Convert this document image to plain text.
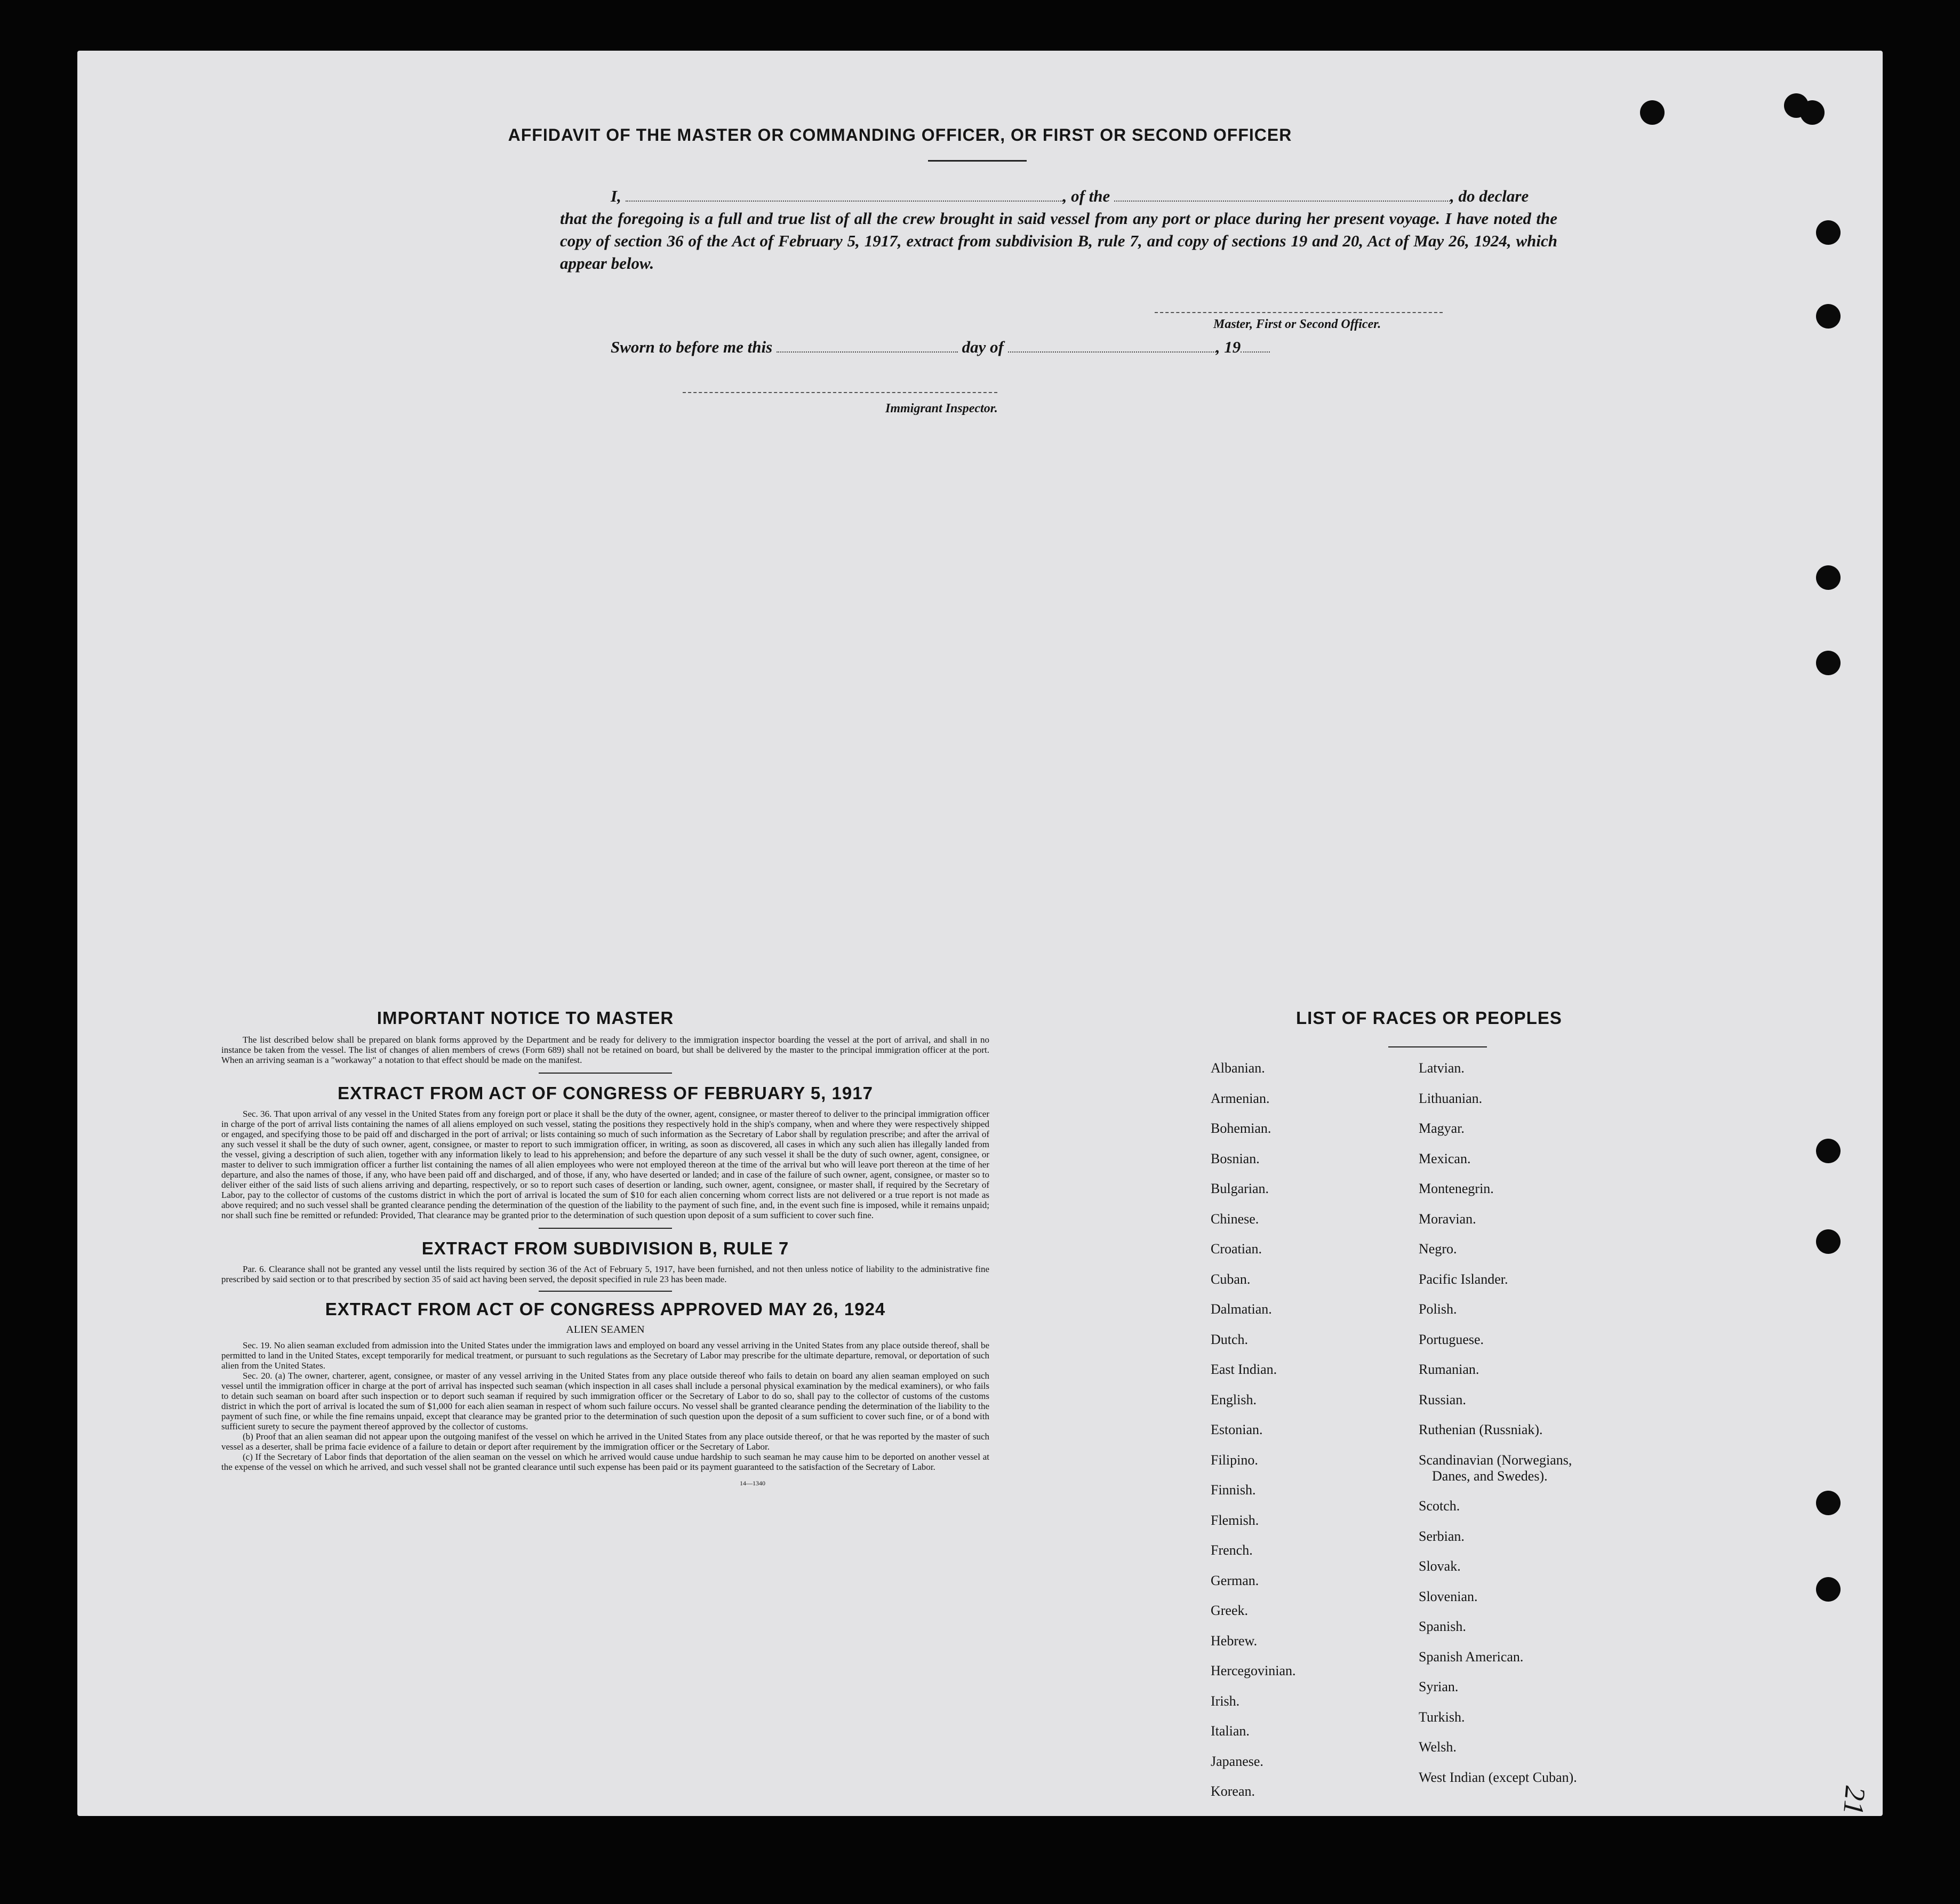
AFFIDAVIT OF THE MASTER OR COMMANDING OFFICER, OR FIRST OR SECOND OFFICER
I,	, of the	, do declare
that the foregoing is a full and true list of all the crew brought in said vessel from any port or place during her present voyage. I have noted the copy of section 36 of the Act of February 5, 1917, extract from subdivision B, rule 7, and copy of sections 19 and 20, Act of May 26, 1924, which appear below.
Master, First or Second Officer.
Sworn to before me this	day of	, 19
Immigrant Inspector.

IMPORTANT NOTICE TO MASTER

The list described below shall be prepared on blank forms approved by the Department and be ready for delivery to the immigration inspector boarding the vessel at the port of arrival, and shall in no instance be taken from the vessel. The list of changes of alien members of crews (Form 689) shall not be retained on board, but shall be delivered by the master to the principal immigration officer at the port. When an arriving seaman is a "workaway" a notation to that effect should be made on the manifest.

EXTRACT FROM ACT OF CONGRESS OF FEBRUARY 5, 1917

Sec. 36. That upon arrival of any vessel in the United States from any foreign port or place it shall be the duty of the owner, agent, consignee, or master thereof to deliver to the principal immigration officer in charge of the port of arrival lists containing the names of all aliens employed on such vessel, stating the positions they respectively hold in the ship's company, when and where they were respectively shipped or engaged, and specifying those to be paid off and discharged in the port of arrival; or lists containing so much of such information as the Secretary of Labor shall by regulation prescribe; and after the arrival of any such vessel it shall be the duty of such owner, agent, consignee, or master to report to such immigration officer, in writing, as soon as discovered, all cases in which any such alien has illegally landed from the vessel, giving a description of such alien, together with any information likely to lead to his apprehension; and before the departure of any such vessel it shall be the duty of such owner, agent, consignee, or master to deliver to such immigration officer a further list containing the names of all alien employees who were not employed thereon at the time of the arrival but who will leave port thereon at the time of her departure, and also the names of those, if any, who have been paid off and discharged, and of those, if any, who have deserted or landed; and in case of the failure of such owner, agent, consignee, or master so to deliver either of the said lists of such aliens arriving and departing, respectively, or so to report such cases of desertion or landing, such owner, agent, consignee, or master shall, if required by the Secretary of Labor, pay to the collector of customs of the customs district in which the port of arrival is located the sum of $10 for each alien concerning whom correct lists are not delivered or a true report is not made as above required; and no such vessel shall be granted clearance pending the determination of the question of the liability to the payment of such fine, and, in the event such fine is imposed, while it remains unpaid; nor shall such fine be remitted or refunded: Provided, That clearance may be granted prior to the determination of such question upon deposit of a sum sufficient to cover such fine.

EXTRACT FROM SUBDIVISION B, RULE 7

Par. 6. Clearance shall not be granted any vessel until the lists required by section 36 of the Act of February 5, 1917, have been furnished, and not then unless notice of liability to the administrative fine prescribed by said section or to that prescribed by section 35 of said act having been served, the deposit specified in rule 23 has been made.

EXTRACT FROM ACT OF CONGRESS APPROVED MAY 26, 1924

ALIEN SEAMEN

Sec. 19. No alien seaman excluded from admission into the United States under the immigration laws and employed on board any vessel arriving in the United States from any place outside thereof, shall be permitted to land in the United States, except temporarily for medical treatment, or pursuant to such regulations as the Secretary of Labor may prescribe for the ultimate departure, removal, or deportation of such alien from the United States.

Sec. 20. (a) The owner, charterer, agent, consignee, or master of any vessel arriving in the United States from any place outside thereof who fails to detain on board any alien seaman employed on such vessel until the immigration officer in charge at the port of arrival has inspected such seaman (which inspection in all cases shall include a personal physical examination by the medical examiners), or who fails to detain such seaman on board after such inspection or to deport such seaman if required by such immigration officer or the Secretary of Labor to do so, shall pay to the collector of customs of the customs district in which the port of arrival is located the sum of $1,000 for each alien seaman in respect of whom such failure occurs. No vessel shall be granted clearance pending the determination of the liability to the payment of such fine, or while the fine remains unpaid, except that clearance may be granted prior to the determination of such question upon the deposit of a sum sufficient to cover such fine, or of a bond with sufficient surety to secure the payment thereof approved by the collector of customs.

(b) Proof that an alien seaman did not appear upon the outgoing manifest of the vessel on which he arrived in the United States from any place outside thereof, or that he was reported by the master of such vessel as a deserter, shall be prima facie evidence of a failure to detain or deport after requirement by the immigration officer or the Secretary of Labor.

(c) If the Secretary of Labor finds that deportation of the alien seaman on the vessel on which he arrived would cause undue hardship to such seaman he may cause him to be deported on another vessel at the expense of the vessel on which he arrived, and such vessel shall not be granted clearance until such expense has been paid or its payment guaranteed to the satisfaction of the Secretary of Labor.

14—1340

LIST OF RACES OR PEOPLES
Albanian.
Armenian.
Bohemian.
Bosnian.
Bulgarian.
Chinese.
Croatian.
Cuban.
Dalmatian.
Dutch.
East Indian.
English.
Estonian.
Filipino.
Finnish.
Flemish.
French.
German.
Greek.
Hebrew.
Hercegovinian.
Irish.
Italian.
Japanese.
Korean.
Latvian.
Lithuanian.
Magyar.
Mexican.
Montenegrin.
Moravian.
Negro.
Pacific Islander.
Polish.
Portuguese.
Rumanian.
Russian.
Ruthenian (Russniak).
Scandinavian (Norwegians,
Danes, and Swedes).
Scotch.
Serbian.
Slovak.
Slovenian.
Spanish.
Spanish American.
Syrian.
Turkish.
Welsh.
West Indian (except Cuban).
21
